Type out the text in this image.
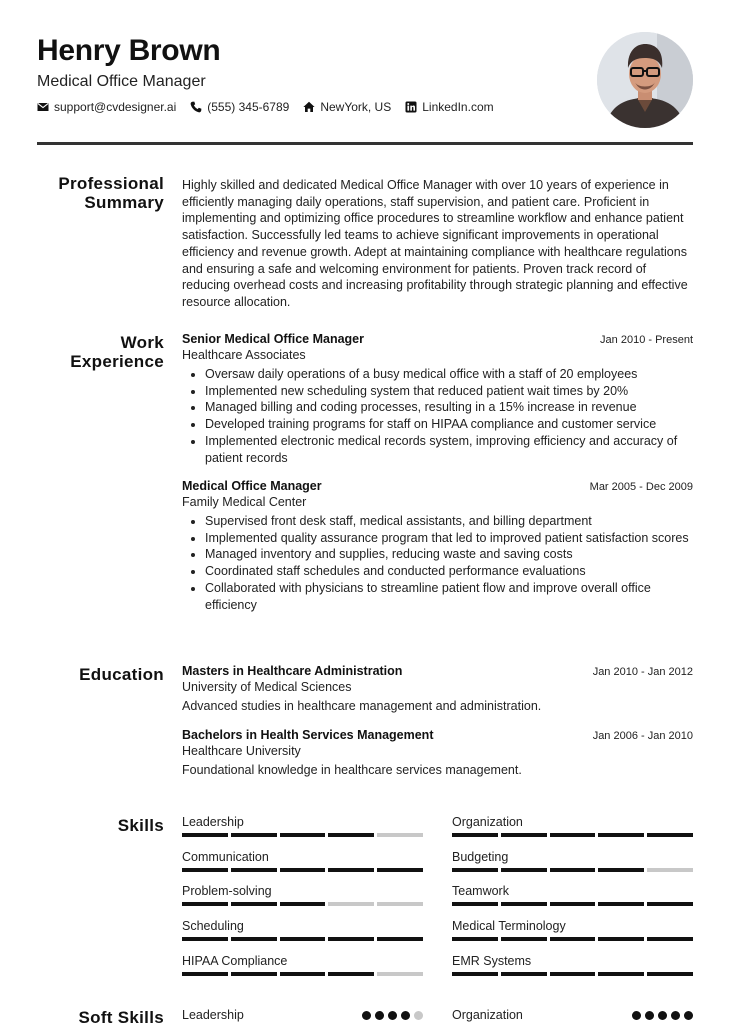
Henry Brown
Medical Office Manager
support@cvdesigner.ai	(555) 345-6789	NewYork, US	LinkedIn.com
Professional
Summary
Highly skilled and dedicated Medical Office Manager with over 10 years of experience in efficiently managing daily operations, staff supervision, and patient care. Proficient in implementing and optimizing office procedures to streamline workflow and enhance patient satisfaction. Successfully led teams to achieve significant improvements in operational efficiency and revenue growth. Adept at maintaining compliance with healthcare regulations and ensuring a safe and welcoming environment for patients. Proven track record of reducing overhead costs and increasing profitability through strategic planning and effective resource allocation.
Work
Experience
Senior Medical Office Manager	Jan 2010 - Present
Healthcare Associates
• Oversaw daily operations of a busy medical office with a staff of 20 employees
• Implemented new scheduling system that reduced patient wait times by 20%
• Managed billing and coding processes, resulting in a 15% increase in revenue
• Developed training programs for staff on HIPAA compliance and customer service
• Implemented electronic medical records system, improving efficiency and accuracy of patient records
Medical Office Manager	Mar 2005 - Dec 2009
Family Medical Center
• Supervised front desk staff, medical assistants, and billing department
• Implemented quality assurance program that led to improved patient satisfaction scores
• Managed inventory and supplies, reducing waste and saving costs
• Coordinated staff schedules and conducted performance evaluations
• Collaborated with physicians to streamline patient flow and improve overall office efficiency
Education Masters in Healthcare Administration	Jan 2010 - Jan 2012
University of Medical Sciences
Advanced studies in healthcare management and administration.
Bachelors in Health Services Management	Jan 2006 - Jan 2010
Healthcare University
Foundational knowledge in healthcare services management.
Skills Leadership	Organization
Communication	Budgeting
Problem-solving	Teamwork
Scheduling	Medical Terminology
HIPAA Compliance	EMR Systems
Soft Skills Leadership	Organization
